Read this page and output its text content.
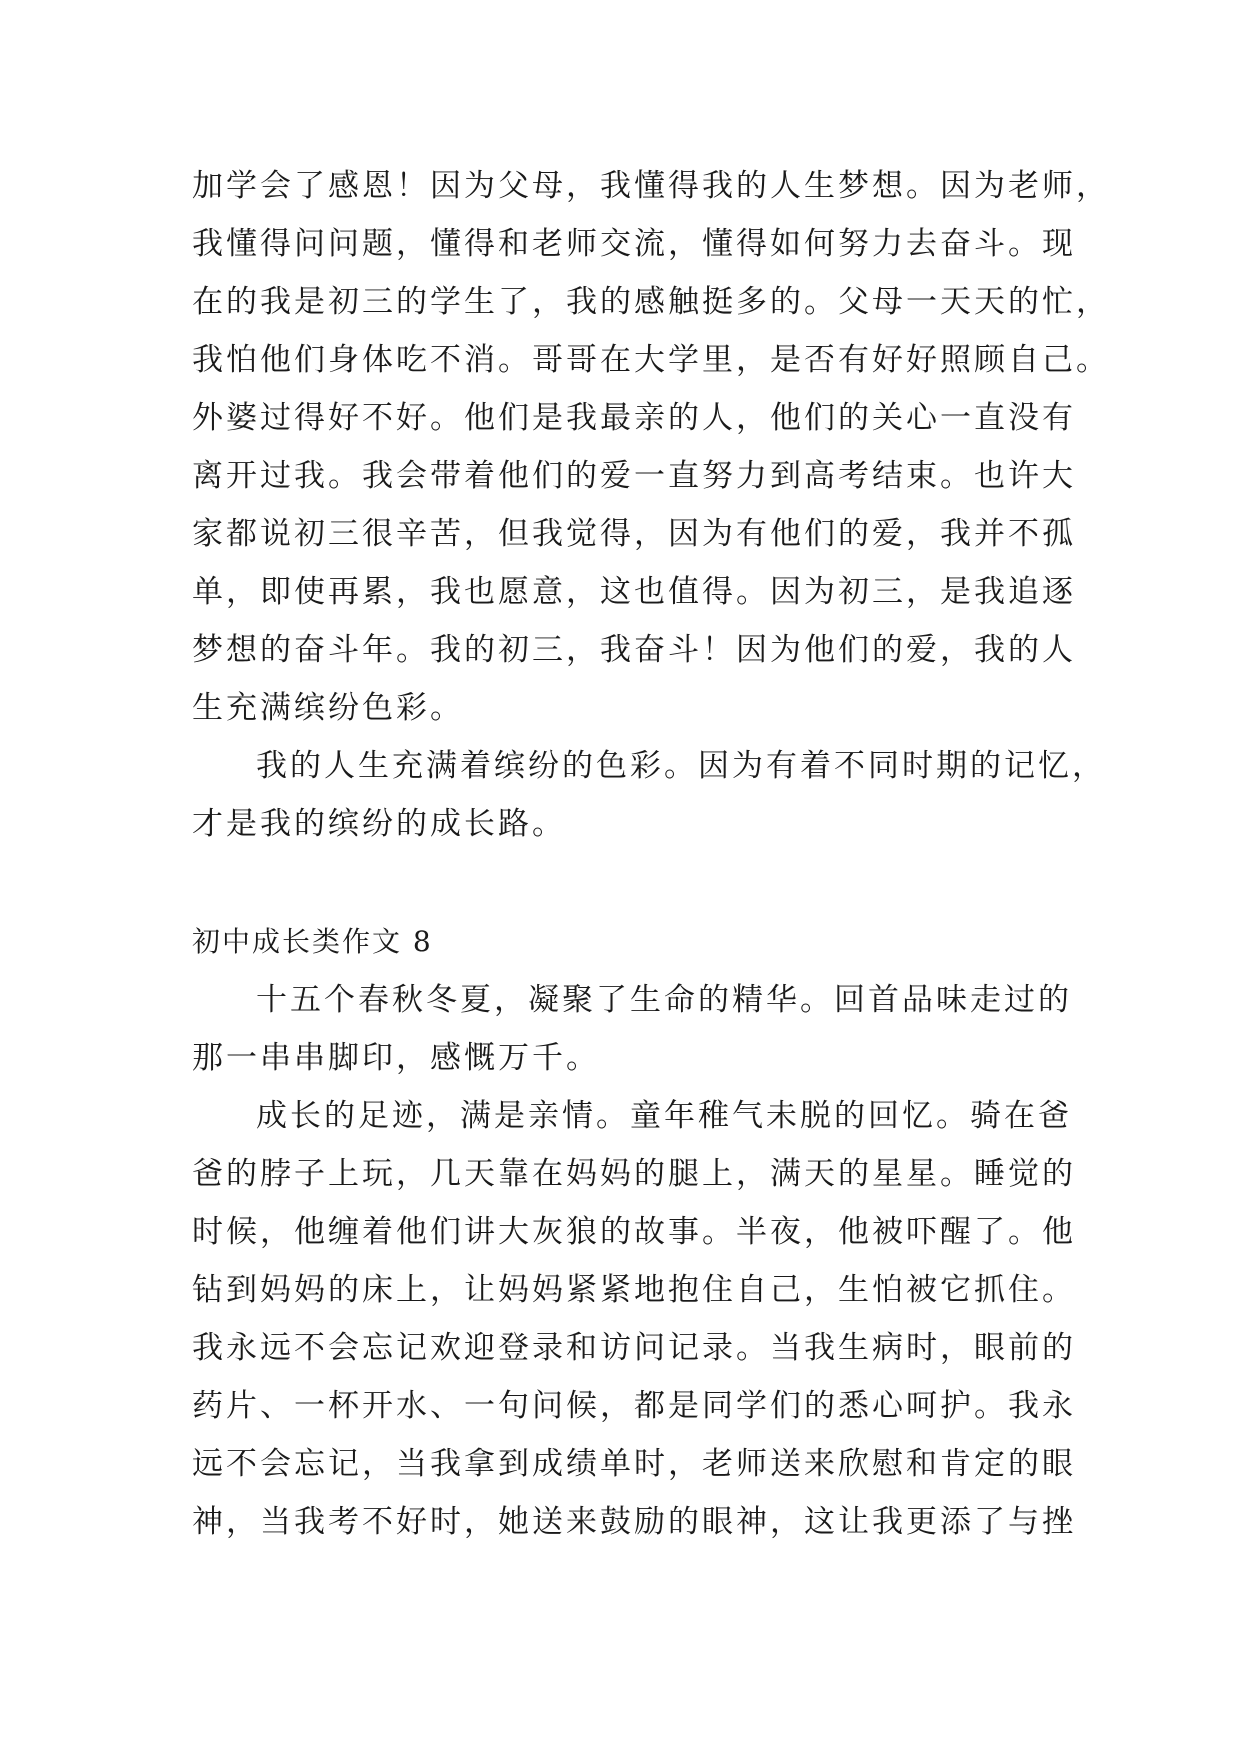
加学会了感恩！因为父母，我懂得我的人生梦想。因为老师，
我懂得问问题，懂得和老师交流，懂得如何努力去奋斗。现
在的我是初三的学生了，我的感触挺多的。父母一天天的忙，
我怕他们身体吃不消。哥哥在大学里，是否有好好照顾自己。
外婆过得好不好。他们是我最亲的人，他们的关心一直没有
离开过我。我会带着他们的爱一直努力到高考结束。也许大
家都说初三很辛苦，但我觉得，因为有他们的爱，我并不孤
单，即使再累，我也愿意，这也值得。因为初三，是我追逐
梦想的奋斗年。我的初三，我奋斗！因为他们的爱，我的人
生充满缤纷色彩。
我的人生充满着缤纷的色彩。因为有着不同时期的记忆，
才是我的缤纷的成长路。
初中成长类作文 8
十五个春秋冬夏，凝聚了生命的精华。回首品味走过的
那一串串脚印，感慨万千。
成长的足迹，满是亲情。童年稚气未脱的回忆。骑在爸
爸的脖子上玩，几天靠在妈妈的腿上，满天的星星。睡觉的
时候，他缠着他们讲大灰狼的故事。半夜，他被吓醒了。他
钻到妈妈的床上，让妈妈紧紧地抱住自己，生怕被它抓住。
我永远不会忘记欢迎登录和访问记录。当我生病时，眼前的
药片、一杯开水、一句问候，都是同学们的悉心呵护。我永
远不会忘记，当我拿到成绩单时，老师送来欣慰和肯定的眼
神，当我考不好时，她送来鼓励的眼神，这让我更添了与挫
